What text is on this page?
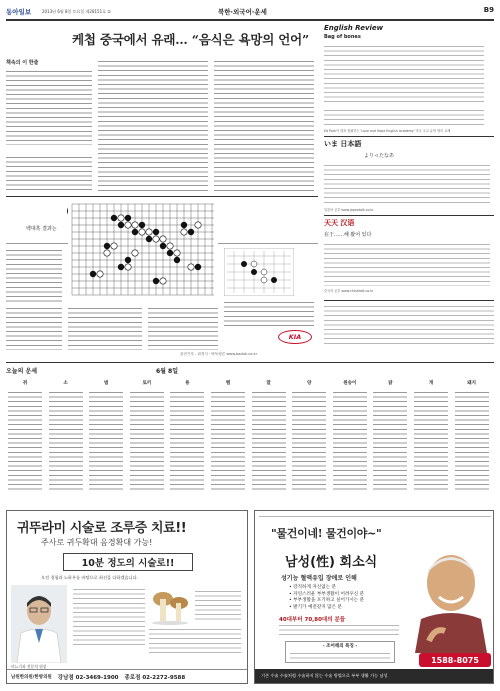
동아일보	2013년 6월 8일 토요일 제28151호 ②	북한·외국어·운세	B9
케첩 중국에서 유래… “음식은 욕망의 언어”
책속의 이 한줄
백대흑 결과는
KIA
관전기자 - 곽경식 · 바둑평론 www.baduk.co.kr
English Review
Bag of bones
Ed Park이 대표 집필하는 'Love and Hope English Academy' 미국 고교 유학 영어 교재
いま 日本語
よりったなあ
일본어 공부 www.japantalk.co.kr
天天 汉语
在于……해 봤어 있다
중국어 공부 www.chinatalk.co.kr
오늘의 운세	6월 8일
쥐	소	범	토끼	용	뱀	말	양	원숭이	닭	개	돼지
귀뚜라미 시술로 조루증 치료!!
주사로 귀두확대 음경확대 가능!
10분 정도의 시술로!!
오전 경험과 노하우를 바탕으로 최선을 다하겠습니다.
비뇨기과 전문의 원장
남원한의원/한방의원 강남점 02-3469-1900 종로점 02-2272-9588
"물건이네! 물건이야~"
남성(性) 회소식
성기능 혈액유입 장애로 인해
• 강직하게 자신없는 분
• 자연스러운 부부생활이 어려우신 분
• 부부생활을 포기하고 싶어가시는 분
• 발기가 예전같지 않은 분
40대부터 70,80대의 분들
- 조어해의 특징 -
1588-8075
기존 수술 수술처럼 수술하지 않는 수술 방법으로 부부 생활 가능 남성
